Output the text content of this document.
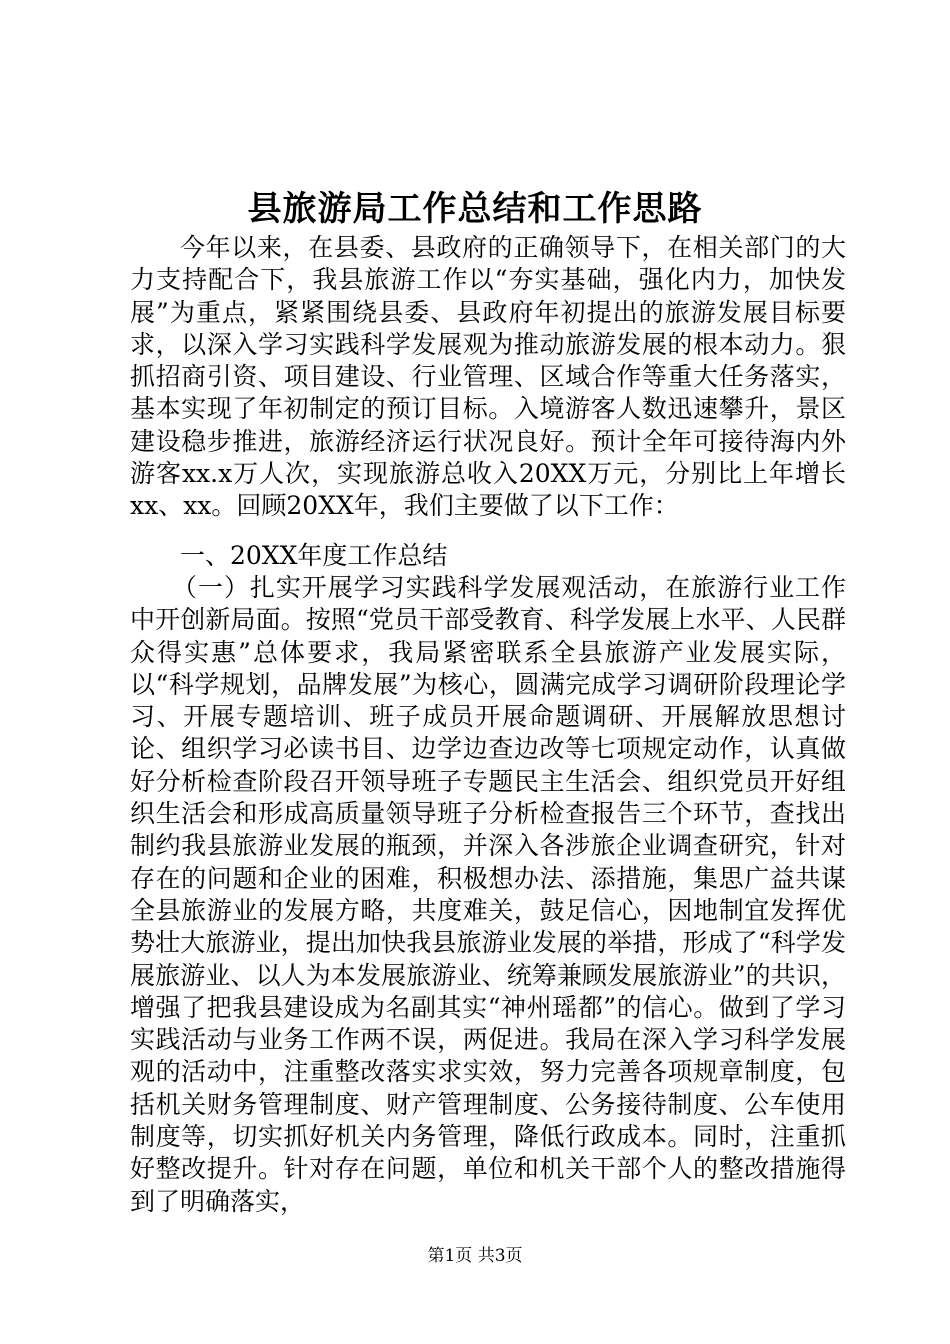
县旅游局工作总结和工作思路

今年以来，在县委、县政府的正确领导下，在相关部门的大力支持配合下，我县旅游工作以“夯实基础，强化内力，加快发展”为重点，紧紧围绕县委、县政府年初提出的旅游发展目标要求，以深入学习实践科学发展观为推动旅游发展的根本动力。狠抓招商引资、项目建设、行业管理、区域合作等重大任务落实，基本实现了年初制定的预订目标。入境游客人数迅速攀升，景区建设稳步推进，旅游经济运行状况良好。预计全年可接待海内外游客xx.x万人次，实现旅游总收入20XX万元，分别比上年增长xx、xx。回顾20XX年，我们主要做了以下工作：

一、20XX年度工作总结

（一）扎实开展学习实践科学发展观活动，在旅游行业工作中开创新局面。按照“党员干部受教育、科学发展上水平、人民群众得实惠”总体要求，我局紧密联系全县旅游产业发展实际，以“科学规划，品牌发展”为核心，圆满完成学习调研阶段理论学习、开展专题培训、班子成员开展命题调研、开展解放思想讨论、组织学习必读书目、边学边查边改等七项规定动作，认真做好分析检查阶段召开领导班子专题民主生活会、组织党员开好组织生活会和形成高质量领导班子分析检查报告三个环节，查找出制约我县旅游业发展的瓶颈，并深入各涉旅企业调查研究，针对存在的问题和企业的困难，积极想办法、添措施，集思广益共谋全县旅游业的发展方略，共度难关，鼓足信心，因地制宜发挥优势壮大旅游业，提出加快我县旅游业发展的举措，形成了“科学发展旅游业、以人为本发展旅游业、统筹兼顾发展旅游业”的共识，增强了把我县建设成为名副其实“神州瑶都”的信心。做到了学习实践活动与业务工作两不误，两促进。我局在深入学习科学发展观的活动中，注重整改落实求实效，努力完善各项规章制度，包括机关财务管理制度、财产管理制度、公务接待制度、公车使用制度等，切实抓好机关内务管理，降低行政成本。同时，注重抓好整改提升。针对存在问题，单位和机关干部个人的整改措施得到了明确落实，

第1页 共3页
